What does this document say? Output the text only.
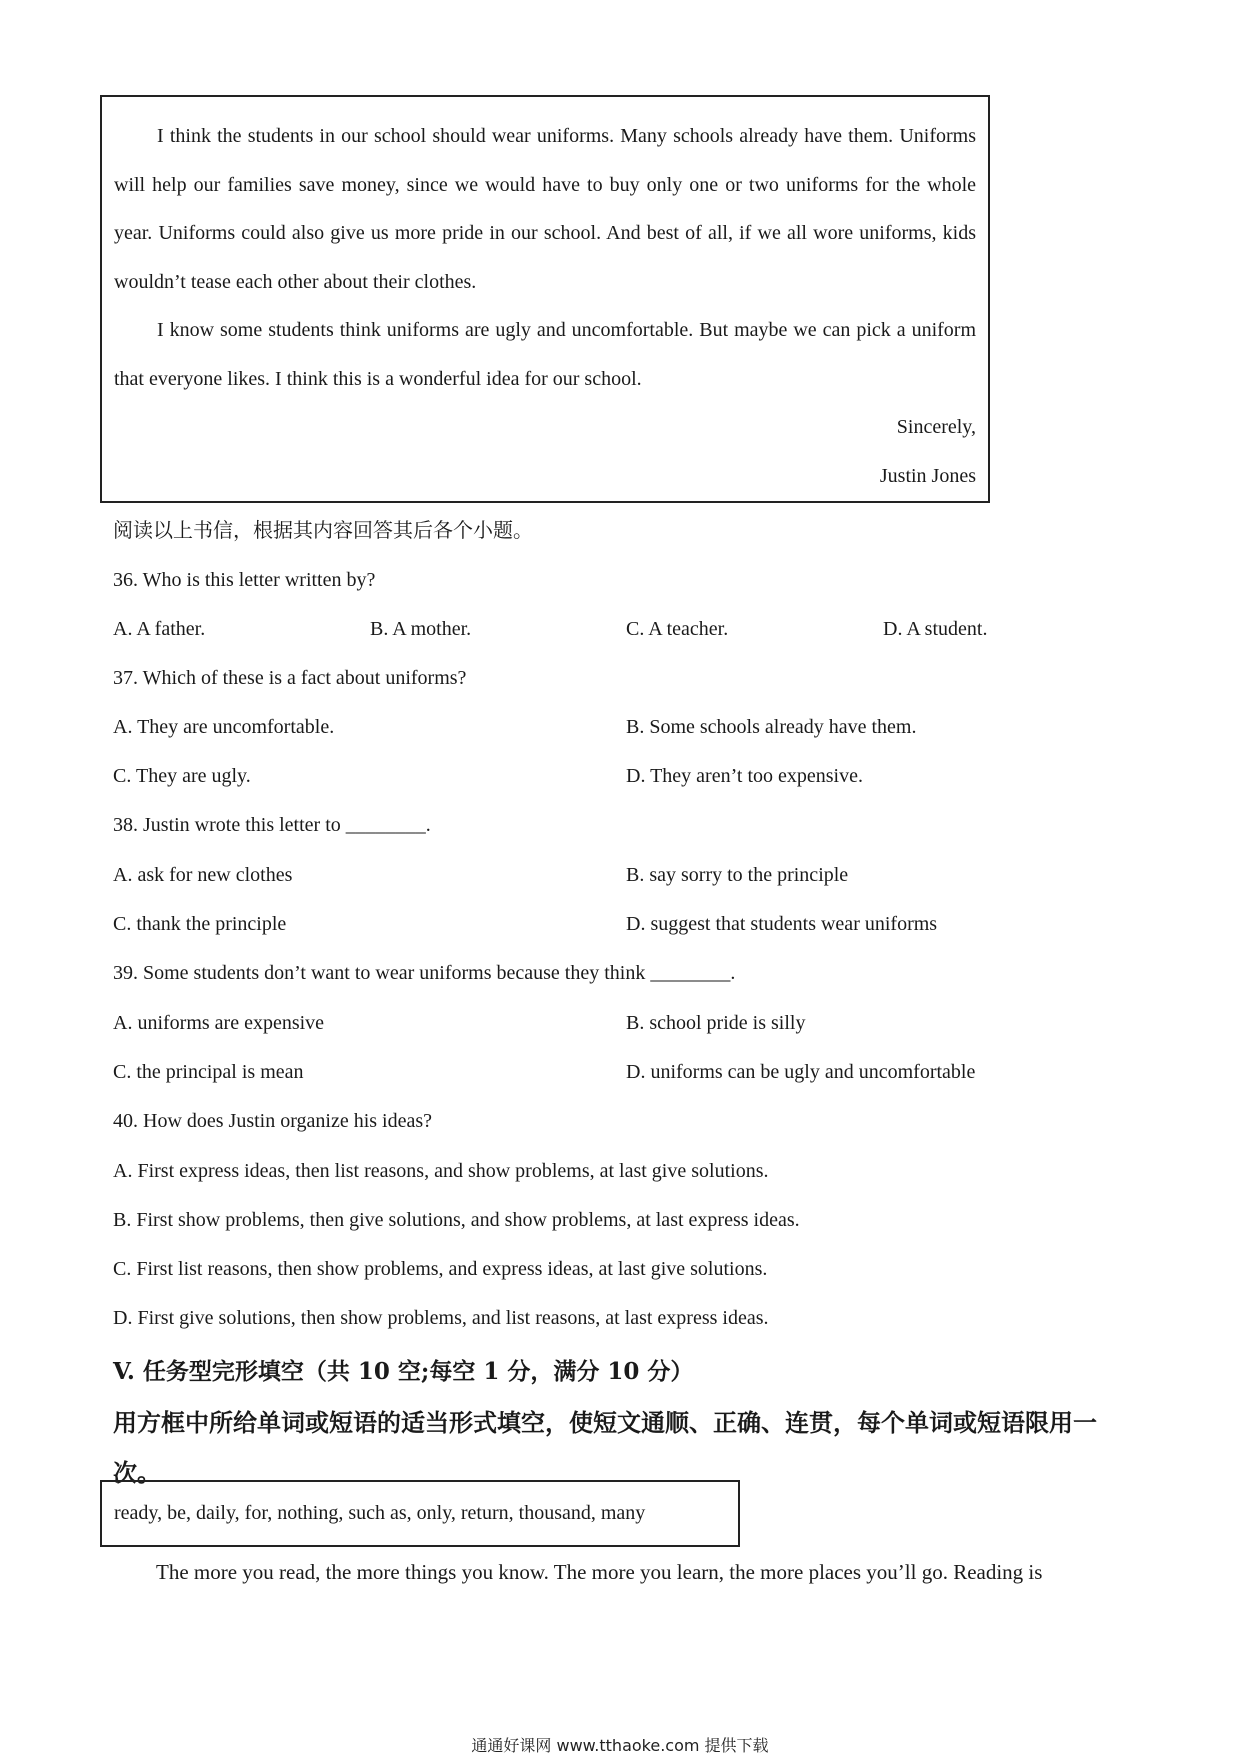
I think the students in our school should wear uniforms. Many schools already have them. Uniforms will help our families save money, since we would have to buy only one or two uniforms for the whole year. Uniforms could also give us more pride in our school. And best of all, if we all wore uniforms, kids wouldn’t tease each other about their clothes.

I know some students think uniforms are ugly and uncomfortable. But maybe we can pick a uniform that everyone likes. I think this is a wonderful idea for our school.

Sincerely,

Justin Jones

阅读以上书信，根据其内容回答其后各个小题。
36. Who is this letter written by?
A. A father.	B. A mother.	C. A teacher.	D. A student.
37. Which of these is a fact about uniforms?
A. They are uncomfortable.	B. Some schools already have them.
C. They are ugly.	D. They aren’t too expensive.
38. Justin wrote this letter to ________.
A. ask for new clothes	B. say sorry to the principle
C. thank the principle	D. suggest that students wear uniforms
39. Some students don’t want to wear uniforms because they think ________.
A. uniforms are expensive	B. school pride is silly
C. the principal is mean	D. uniforms can be ugly and uncomfortable
40. How does Justin organize his ideas?
A. First express ideas, then list reasons, and show problems, at last give solutions.
B. First show problems, then give solutions, and show problems, at last express ideas.
C. First list reasons, then show problems, and express ideas, at last give solutions.
D. First give solutions, then show problems, and list reasons, at last express ideas.
V. 任务型完形填空（共 10 空;每空 1 分，满分 10 分）
用方框中所给单词或短语的适当形式填空，使短文通顺、正确、连贯，每个单词或短语限用一次。
ready, be, daily, for, nothing, such as, only, return, thousand, many
The more you read, the more things you know. The more you learn, the more places you’ll go. Reading is
通通好课网 www.tthaoke.com 提供下载
